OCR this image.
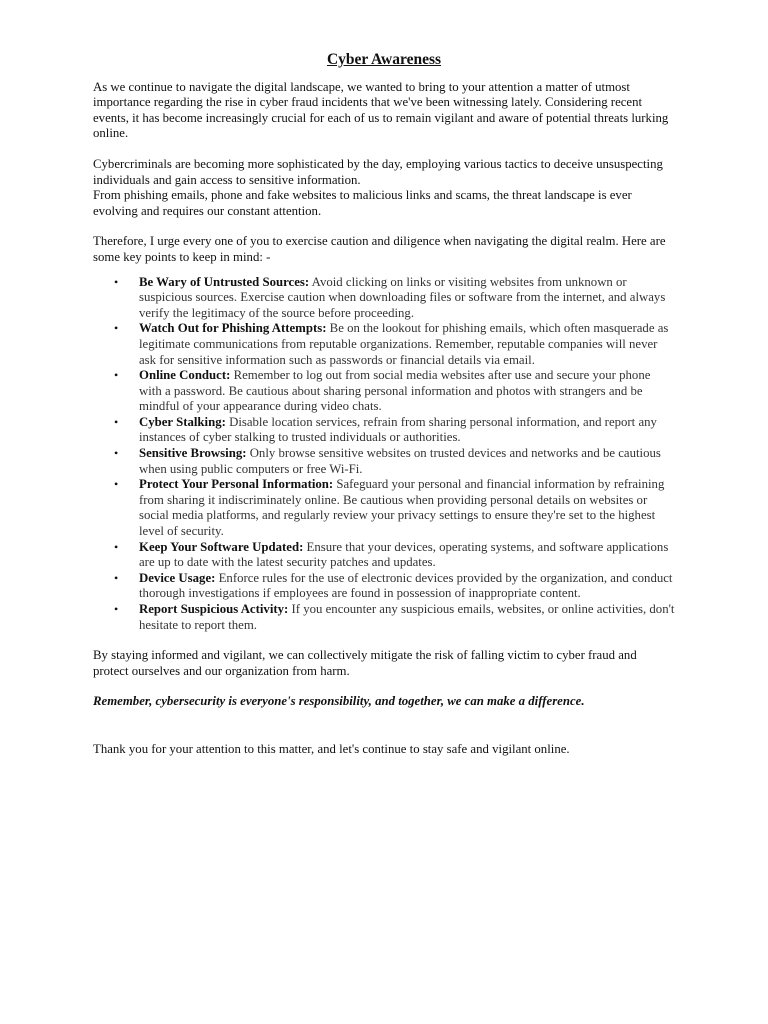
Cyber Awareness

As we continue to navigate the digital landscape, we wanted to bring to your attention a matter of utmost importance regarding the rise in cyber fraud incidents that we've been witnessing lately. Considering recent events, it has become increasingly crucial for each of us to remain vigilant and aware of potential threats lurking online.

Cybercriminals are becoming more sophisticated by the day, employing various tactics to deceive unsuspecting individuals and gain access to sensitive information.
From phishing emails, phone and fake websites to malicious links and scams, the threat landscape is ever evolving and requires our constant attention.

Therefore, I urge every one of you to exercise caution and diligence when navigating the digital realm. Here are some key points to keep in mind: -

• Be Wary of Untrusted Sources: Avoid clicking on links or visiting websites from unknown or suspicious sources. Exercise caution when downloading files or software from the internet, and always verify the legitimacy of the source before proceeding.
• Watch Out for Phishing Attempts: Be on the lookout for phishing emails, which often masquerade as legitimate communications from reputable organizations. Remember, reputable companies will never ask for sensitive information such as passwords or financial details via email.
• Online Conduct: Remember to log out from social media websites after use and secure your phone with a password. Be cautious about sharing personal information and photos with strangers and be mindful of your appearance during video chats.
• Cyber Stalking: Disable location services, refrain from sharing personal information, and report any instances of cyber stalking to trusted individuals or authorities.
• Sensitive Browsing: Only browse sensitive websites on trusted devices and networks and be cautious when using public computers or free Wi-Fi.
• Protect Your Personal Information: Safeguard your personal and financial information by refraining from sharing it indiscriminately online. Be cautious when providing personal details on websites or social media platforms, and regularly review your privacy settings to ensure they're set to the highest level of security.
• Keep Your Software Updated: Ensure that your devices, operating systems, and software applications are up to date with the latest security patches and updates.
• Device Usage: Enforce rules for the use of electronic devices provided by the organization, and conduct thorough investigations if employees are found in possession of inappropriate content.
• Report Suspicious Activity: If you encounter any suspicious emails, websites, or online activities, don't hesitate to report them.

By staying informed and vigilant, we can collectively mitigate the risk of falling victim to cyber fraud and protect ourselves and our organization from harm.

Remember, cybersecurity is everyone's responsibility, and together, we can make a difference.

Thank you for your attention to this matter, and let's continue to stay safe and vigilant online.
